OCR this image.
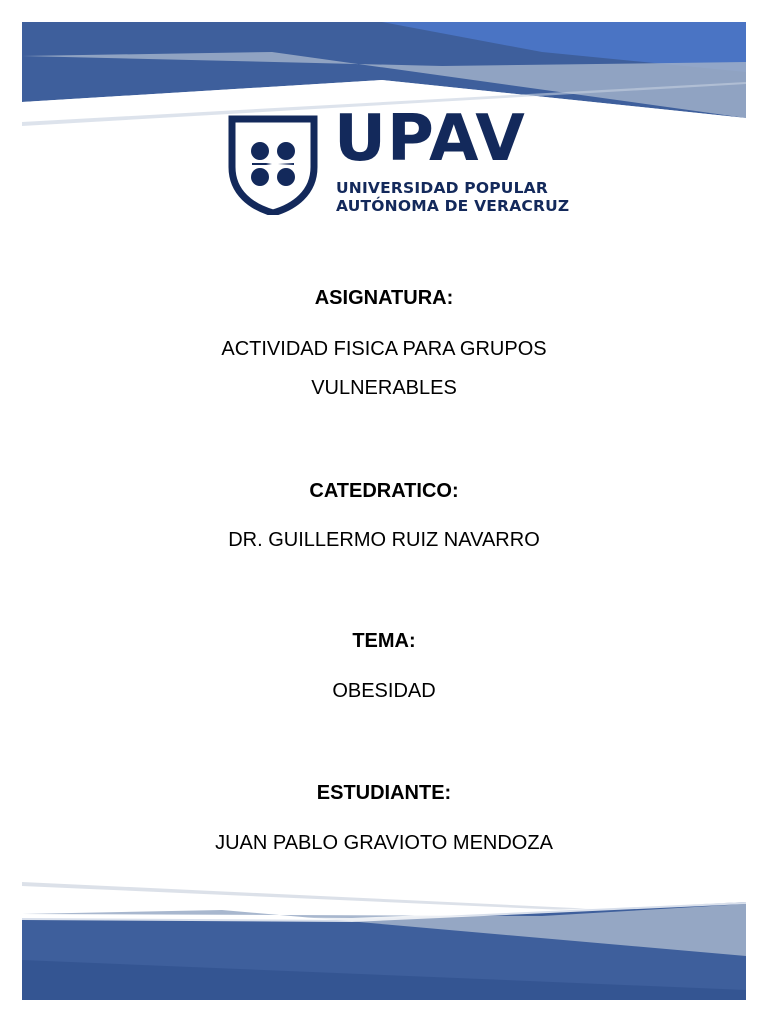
UPAV
UNIVERSIDAD POPULAR
AUTÓNOMA DE VERACRUZ
ASIGNATURA:
ACTIVIDAD FISICA PARA GRUPOS
VULNERABLES
CATEDRATICO:
DR. GUILLERMO RUIZ NAVARRO
TEMA:
OBESIDAD
ESTUDIANTE:
JUAN PABLO GRAVIOTO MENDOZA
